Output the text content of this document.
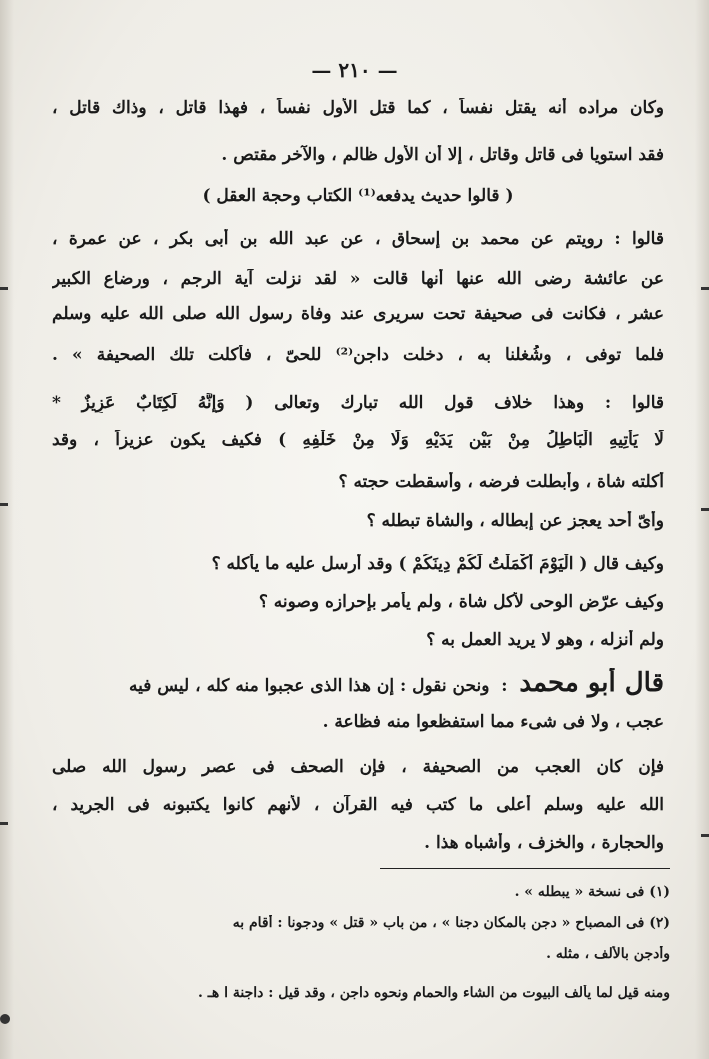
— ٢١٠ —
وكان مراده أنه يقتل نفساً ، كما قتل الأول نفساً ، فهذا قاتل ، وذاك قاتل ،
فقد استويا فى قاتل وقاتل ، إلا أن الأول ظالم ، والآخر مقتص .
( قالوا حديث يدفعه⁽¹⁾ الكتاب وحجة العقل )
قالوا : رويتم عن محمد بن إسحاق ، عن عبد الله بن أبى بكر ، عن عمرة ،
عن عائشة رضى الله عنها أنها قالت « لقد نزلت آية الرجم ، ورضاع الكبير
عشر ، فكانت فى صحيفة تحت سريرى عند وفاة رسول الله صلى الله عليه وسلم
فلما توفى ، وشُغلنا به ، دخلت داجن⁽²⁾ للحىّ ، فأكلت تلك الصحيفة » .
قالوا : وهذا خلاف قول الله تبارك وتعالى ( وَإِنَّهُ لَكِتَابٌ عَزِيزٌ *
لَا يَأْتِيهِ الْبَاطِلُ مِنْ بَيْنِ يَدَيْهِ وَلَا مِنْ خَلْفِهِ ) فكيف يكون عزيزاً ، وقد
أكلته شاة ، وأبطلت فرضه ، وأسقطت حجته ؟
وأىّ أحد يعجز عن إبطاله ، والشاة تبطله ؟
وكيف قال ( الْيَوْمَ أَكْمَلْتُ لَكُمْ دِينَكُمْ ) وقد أرسل عليه ما يأكله ؟
وكيف عرّض الوحى لأكل شاة ، ولم يأمر بإحرازه وصونه ؟
ولم أنزله ، وهو لا يريد العمل به ؟
قال أبو محمد  :  ونحن نقول : إن هذا الذى عجبوا منه كله ، ليس فيه
عجب ، ولا فى شىء مما استفظعوا منه فظاعة .
فإن كان العجب من الصحيفة ، فإن الصحف فى عصر رسول الله صلى
الله عليه وسلم أعلى ما كتب فيه القرآن ، لأنهم كانوا يكتبونه فى الجريد ،
والحجارة ، والخزف ، وأشباه هذا .
(١) فى نسخة « يبطله » .
(٢) فى المصباح « دجن بالمكان دجنا » ، من باب « قتل » ودجونا : أقام به
وأدجن بالألف ، مثله .
ومنه قيل لما يألف البيوت من الشاء والحمام ونحوه داجن ، وقد قيل : داجنة ا هـ .
